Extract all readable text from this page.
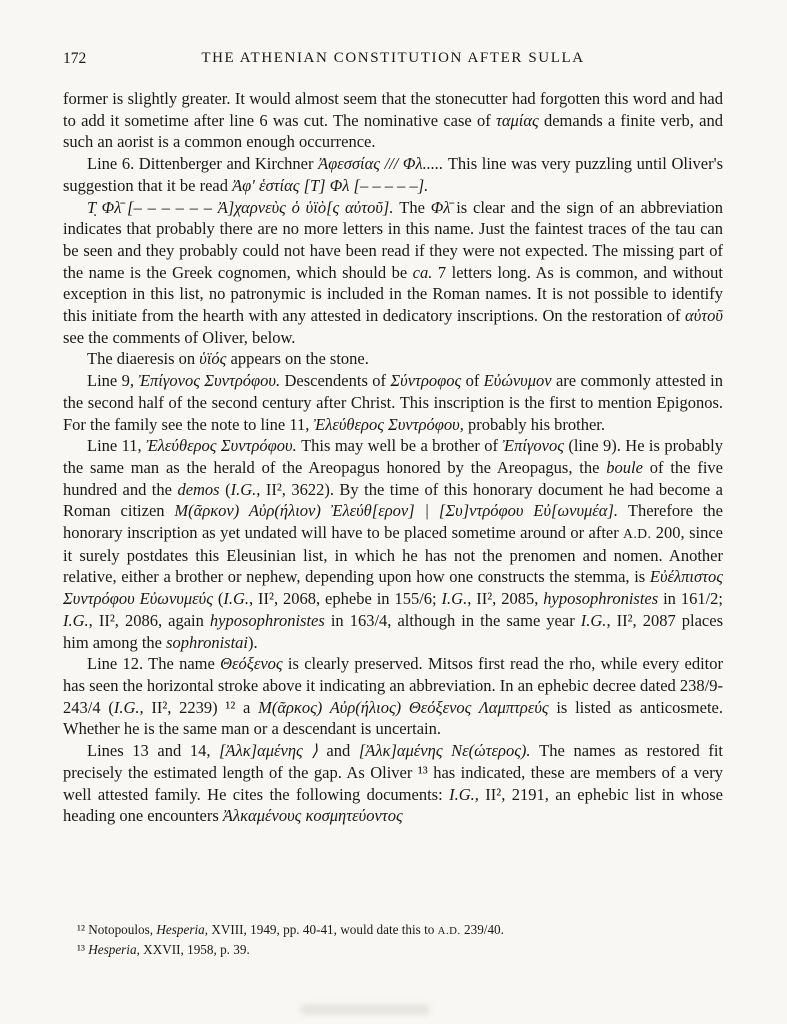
172	THE ATHENIAN CONSTITUTION AFTER SULLA

former is slightly greater. It would almost seem that the stonecutter had forgotten this word and had to add it sometime after line 6 was cut. The nominative case of ταμίας demands a finite verb, and such an aorist is a common enough occurrence.

Line 6. Dittenberger and Kirchner Ἀφεσσίας /// Φλ..... This line was very puzzling until Oliver's suggestion that it be read Ἀφ' ἑστίας [Τ] Φλ [– – – – –].

Τ̣ Φλ̄ [– – – – – – Ἀ]χαρνεὺς ὁ ὑϊὸ[ς αὐτοῦ]. The Φλ̄ is clear and the sign of an abbreviation indicates that probably there are no more letters in this name. Just the faintest traces of the tau can be seen and they probably could not have been read if they were not expected. The missing part of the name is the Greek cognomen, which should be ca. 7 letters long. As is common, and without exception in this list, no patronymic is included in the Roman names. It is not possible to identify this initiate from the hearth with any attested in dedicatory inscriptions. On the restoration of αὐτοῦ see the comments of Oliver, below.

The diaeresis on ὑϊός appears on the stone.

Line 9, Ἐπίγονος Συντρόφου. Descendents of Σύντροφος of Εὐώνυμον are commonly attested in the second half of the second century after Christ. This inscription is the first to mention Epigonos. For the family see the note to line 11, Ἐλεύθερος Συντρόφου, probably his brother.

Line 11, Ἐλεύθερος Συντρόφου. This may well be a brother of Ἐπίγονος (line 9). He is probably the same man as the herald of the Areopagus honored by the Areopagus, the boule of the five hundred and the demos (I.G., II², 3622). By the time of this honorary document he had become a Roman citizen Μ(ᾶρκον) Αὐρ(ήλιον) Ἐλεύθ[ερον] | [Συ]ντρόφου Εὐ[ωνυμέα]. Therefore the honorary inscription as yet undated will have to be placed sometime around or after A.D. 200, since it surely postdates this Eleusinian list, in which he has not the prenomen and nomen. Another relative, either a brother or nephew, depending upon how one constructs the stemma, is Εὐέλπιστος Συντρόφου Εὐωνυμεύς (I.G., II², 2068, ephebe in 155/6; I.G., II², 2085, hyposophronistes in 161/2; I.G., II², 2086, again hyposophronistes in 163/4, although in the same year I.G., II², 2087 places him among the sophronistai).

Line 12. The name Θεόξενος is clearly preserved. Mitsos first read the rho, while every editor has seen the horizontal stroke above it indicating an abbreviation. In an ephebic decree dated 238/9-243/4 (I.G., II², 2239) ¹² a Μ(ᾶρκος) Αὐρ(ήλιος) Θεόξενος Λαμπτρεύς is listed as anticosmete. Whether he is the same man or a descendant is uncertain.

Lines 13 and 14, [Ἀλκ]αμένης ⟩ and [Ἀλκ]αμένης Νε(ώτερος). The names as restored fit precisely the estimated length of the gap. As Oliver ¹³ has indicated, these are members of a very well attested family. He cites the following documents: I.G., II², 2191, an ephebic list in whose heading one encounters Ἀλκαμένους κοσμητεύοντος

¹² Notopoulos, Hesperia, XVIII, 1949, pp. 40-41, would date this to A.D. 239/40.

¹³ Hesperia, XXVII, 1958, p. 39.
